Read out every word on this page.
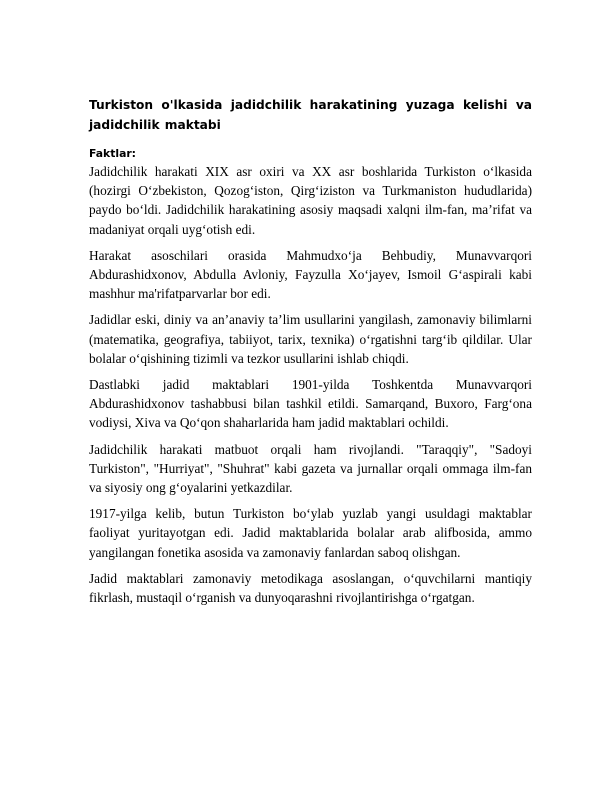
Turkiston o'lkasida jadidchilik harakatining yuzaga kelishi va jadidchilik maktabi
Faktlar:

Jadidchilik harakati XIX asr oxiri va XX asr boshlarida Turkiston oʻlkasida (hozirgi Oʻzbekiston, Qozogʻiston, Qirgʻiziston va Turkmaniston hududlarida) paydo boʻldi. Jadidchilik harakatining asosiy maqsadi xalqni ilm-fan, maʼrifat va madaniyat orqali uygʻotish edi.

Harakat asoschilari orasida Mahmudxoʻja Behbudiy, Munavvarqori Abdurashidxonov, Abdulla Avloniy, Fayzulla Xoʻjayev, Ismoil Gʻaspirali kabi mashhur ma'rifatparvarlar bor edi.

Jadidlar eski, diniy va anʼanaviy taʼlim usullarini yangilash, zamonaviy bilimlarni (matematika, geografiya, tabiiyot, tarix, texnika) oʻrgatishni targʻib qildilar. Ular bolalar oʻqishining tizimli va tezkor usullarini ishlab chiqdi.

Dastlabki jadid maktablari 1901-yilda Toshkentda Munavvarqori Abdurashidxonov tashabbusi bilan tashkil etildi. Samarqand, Buxoro, Fargʻona vodiysi, Xiva va Qoʻqon shaharlarida ham jadid maktablari ochildi.

Jadidchilik harakati matbuot orqali ham rivojlandi. "Taraqqiy", "Sadoyi Turkiston", "Hurriyat", "Shuhrat" kabi gazeta va jurnallar orqali ommaga ilm-fan va siyosiy ong gʻoyalarini yetkazdilar.

1917-yilga kelib, butun Turkiston boʻylab yuzlab yangi usuldagi maktablar faoliyat yuritayotgan edi. Jadid maktablarida bolalar arab alifbosida, ammo yangilangan fonetika asosida va zamonaviy fanlardan saboq olishgan.

Jadid maktablari zamonaviy metodikaga asoslangan, oʻquvchilarni mantiqiy fikrlash, mustaqil oʻrganish va dunyoqarashni rivojlantirishga oʻrgatgan.
